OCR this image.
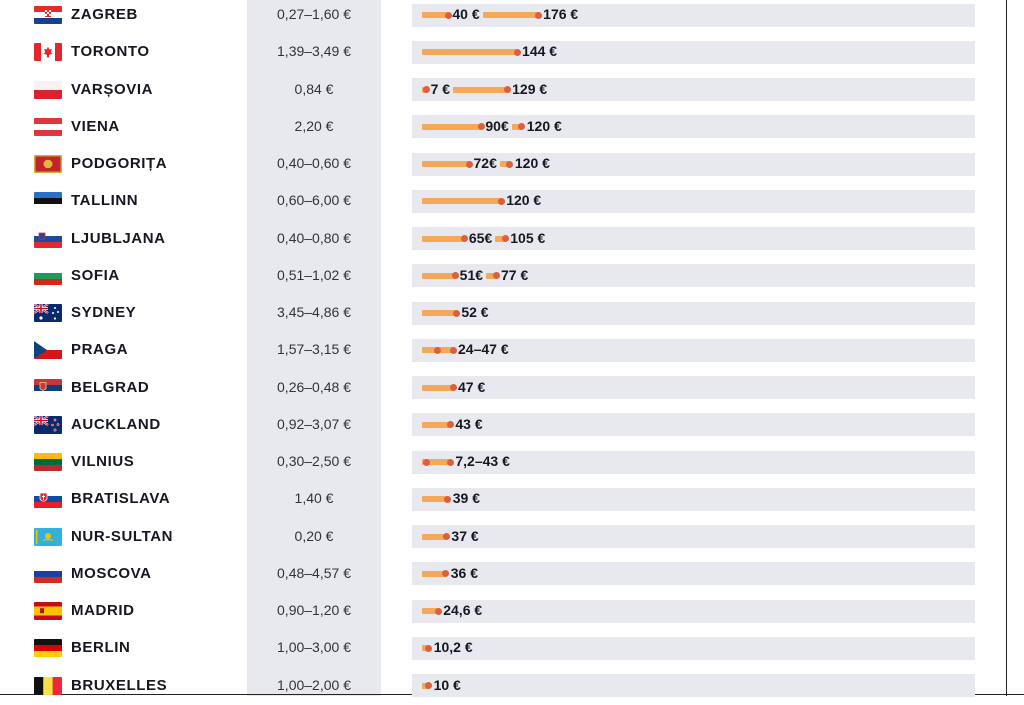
ZAGREB	0,27–1,60 €	40 €	176 €
TORONTO	1,39–3,49 €	144 €
VARȘOVIA	0,84 €	7 €	129 €
VIENA	2,20 €	90€ 120 €
PODGORIȚA	0,40–0,60 €	72€ 120 €
TALLINN	0,60–6,00 €	120 €
LJUBLJANA	0,40–0,80 €	65€ 105 €
SOFIA	0,51–1,02 €	51€ 77 €
SYDNEY	3,45–4,86 €	52 €
PRAGA	1,57–3,15 €	24–47 €
BELGRAD	0,26–0,48 €	47 €
AUCKLAND	0,92–3,07 €	43 €
VILNIUS	0,30–2,50 €	7,2–43 €
BRATISLAVA	1,40 €	39 €
NUR-SULTAN	0,20 €	37 €
MOSCOVA	0,48–4,57 €	36 €
MADRID	0,90–1,20 €	24,6 €
BERLIN	1,00–3,00 €	10,2 €
BRUXELLES	1,00–2,00 €	10 €
